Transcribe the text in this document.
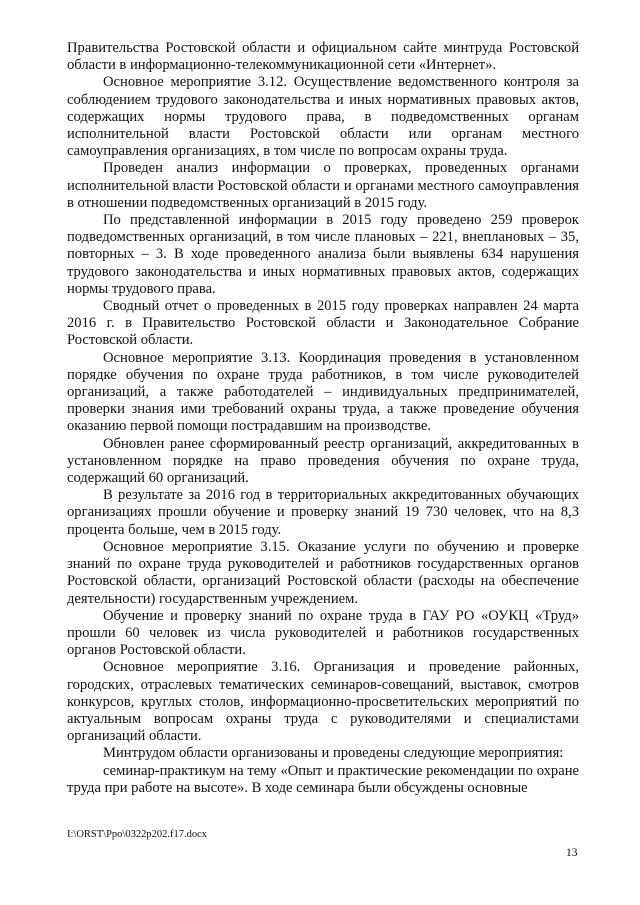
Правительства Ростовской области и официальном сайте минтруда Ростовской области в информационно-телекоммуникационной сети «Интернет».

Основное мероприятие 3.12. Осуществление ведомственного контроля за соблюдением трудового законодательства и иных нормативных правовых актов, содержащих нормы трудового права, в подведомственных органам исполнительной власти Ростовской области или органам местного самоуправления организациях, в том числе по вопросам охраны труда.

Проведен анализ информации о проверках, проведенных органами исполнительной власти Ростовской области и органами местного самоуправления в отношении подведомственных организаций в 2015 году.

По представленной информации в 2015 году проведено 259 проверок подведомственных организаций, в том числе плановых – 221, внеплановых – 35, повторных – 3. В ходе проведенного анализа были выявлены 634 нарушения трудового законодательства и иных нормативных правовых актов, содержащих нормы трудового права.

Сводный отчет о проведенных в 2015 году проверках направлен 24 марта 2016 г. в Правительство Ростовской области и Законодательное Собрание Ростовской области.

Основное мероприятие 3.13. Координация проведения в установленном порядке обучения по охране труда работников, в том числе руководителей организаций, а также работодателей – индивидуальных предпринимателей, проверки знания ими требований охраны труда, а также проведение обучения оказанию первой помощи пострадавшим на производстве.

Обновлен ранее сформированный реестр организаций, аккредитованных в установленном порядке на право проведения обучения по охране труда, содержащий 60 организаций.

В результате за 2016 год в территориальных аккредитованных обучающих организациях прошли обучение и проверку знаний 19 730 человек, что на 8,3 процента больше, чем в 2015 году.

Основное мероприятие 3.15. Оказание услуги по обучению и проверке знаний по охране труда руководителей и работников государственных органов Ростовской области, организаций Ростовской области (расходы на обеспечение деятельности) государственным учреждением.

Обучение и проверку знаний по охране труда в ГАУ РО «ОУКЦ «Труд» прошли 60 человек из числа руководителей и работников государственных органов Ростовской области.

Основное мероприятие 3.16. Организация и проведение районных, городских, отраслевых тематических семинаров-совещаний, выставок, смотров конкурсов, круглых столов, информационно-просветительских мероприятий по актуальным вопросам охраны труда с руководителями и специалистами организаций области.

Минтрудом области организованы и проведены следующие мероприятия:

семинар-практикум на тему «Опыт и практические рекомендации по охране труда при работе на высоте». В ходе семинара были обсуждены основные

I:\ORST\Ppo\0322p202.f17.docx
13
